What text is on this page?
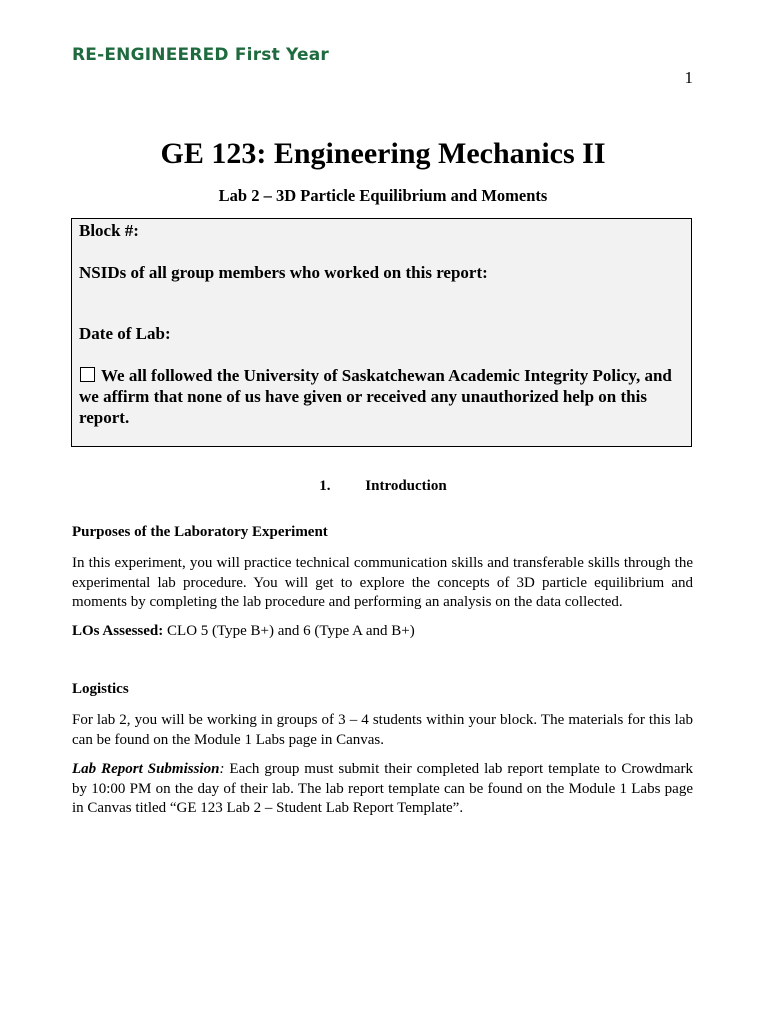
RE-ENGINEERED First Year
1
GE 123: Engineering Mechanics II
Lab 2 – 3D Particle Equilibrium and Moments
Block #:
NSIDs of all group members who worked on this report:
Date of Lab:
We all followed the University of Saskatchewan Academic Integrity Policy, and we affirm that none of us have given or received any unauthorized help on this report.
1. Introduction
Purposes of the Laboratory Experiment
In this experiment, you will practice technical communication skills and transferable skills through the experimental lab procedure. You will get to explore the concepts of 3D particle equilibrium and moments by completing the lab procedure and performing an analysis on the data collected.
LOs Assessed: CLO 5 (Type B+) and 6 (Type A and B+)
Logistics
For lab 2, you will be working in groups of 3 – 4 students within your block. The materials for this lab can be found on the Module 1 Labs page in Canvas.
Lab Report Submission: Each group must submit their completed lab report template to Crowdmark by 10:00 PM on the day of their lab. The lab report template can be found on the Module 1 Labs page in Canvas titled “GE 123 Lab 2 – Student Lab Report Template”.
